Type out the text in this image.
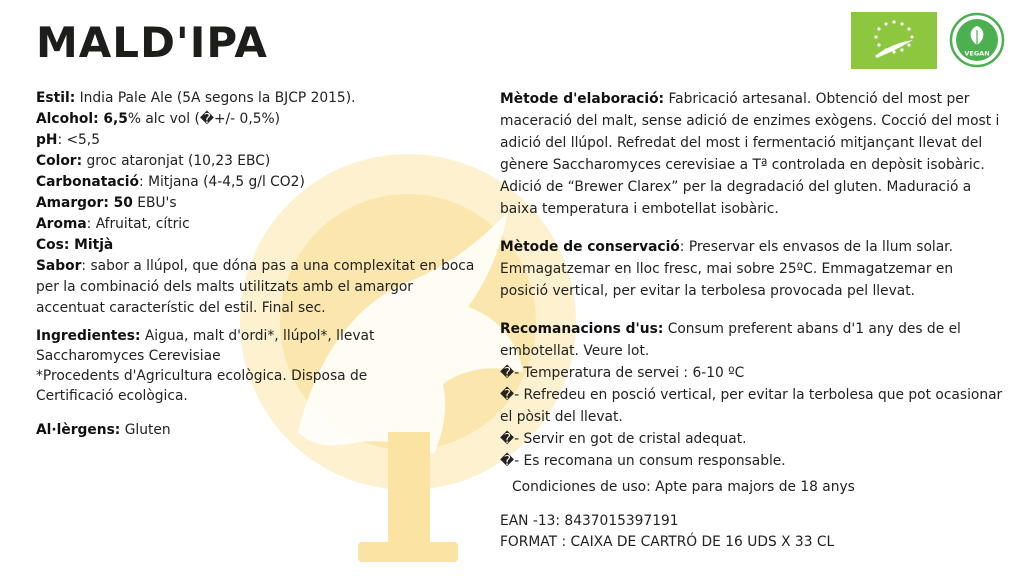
MALD'IPA	VEGAN
Estil: India Pale Ale (5A segons la BJCP 2015).
Alcohol: 6,5% alc vol (�+/- 0,5%)
pH: <5,5
Color: groc ataronjat (10,23 EBC)
Carbonatació: Mitjana (4-4,5 g/l CO2)
Amargor: 50 EBU's
Aroma: Afruitat, cítric
Cos: Mitjà
Sabor: sabor a llúpol, que dóna pas a una complexitat en boca
per la combinació dels malts utilitzats amb el amargor
accentuat característic del estil. Final sec.
Ingredientes: Aigua, malt d'ordi*, llúpol*, llevat
Saccharomyces Cerevisiae
*Procedents d'Agricultura ecològica. Disposa de
Certificació ecològica.
Al·lèrgens: Gluten
Mètode d'elaboració: Fabricació artesanal. Obtenció del most per
maceració del malt, sense adició de enzimes exògens. Cocció del most i
adició del llúpol. Refredat del most i fermentació mitjançant llevat del
gènere Saccharomyces cerevisiae a Tª controlada en depòsit isobàric.
Adició de “Brewer Clarex” per la degradació del gluten. Maduració a
baixa temperatura i embotellat isobàric.
Mètode de conservació: Preservar els envasos de la llum solar.
Emmagatzemar en lloc fresc, mai sobre 25ºC. Emmagatzemar en
posició vertical, per evitar la terbolesa provocada pel llevat.
Recomanacions d'us: Consum preferent abans d'1 any des de el
embotellat. Veure lot.
�- Temperatura de servei : 6-10 ºC
�- Refredeu en posció vertical, per evitar la terbolesa que pot ocasionar
el pòsit del llevat.
�- Servir en got de cristal adequat.
�- Es recomana un consum responsable.
Condiciones de uso: Apte para majors de 18 anys
EAN -13: 8437015397191
FORMAT : CAIXA DE CARTRÓ DE 16 UDS X 33 CL
